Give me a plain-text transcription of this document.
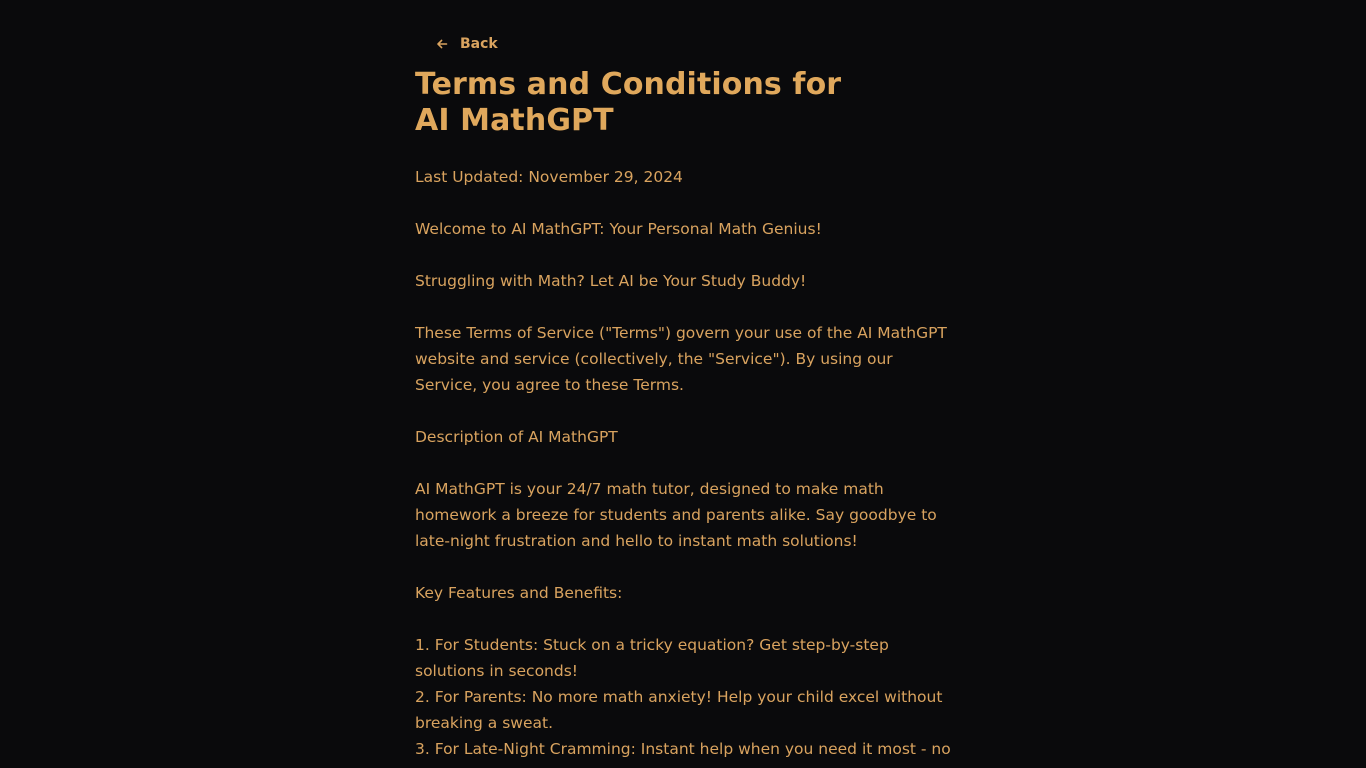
Back
Terms and Conditions for AI MathGPT

Last Updated: November 29, 2024

Welcome to AI MathGPT: Your Personal Math Genius!

Struggling with Math? Let AI be Your Study Buddy!

These Terms of Service ("Terms") govern your use of the AI MathGPT website and service (collectively, the "Service"). By using our Service, you agree to these Terms.

Description of AI MathGPT

AI MathGPT is your 24/7 math tutor, designed to make math homework a breeze for students and parents alike. Say goodbye to late-night frustration and hello to instant math solutions!

Key Features and Benefits:

1. For Students: Stuck on a tricky equation? Get step-by-step solutions in seconds!

2. For Parents: No more math anxiety! Help your child excel without breaking a sweat.

3. For Late-Night Cramming: Instant help when you need it most - no
